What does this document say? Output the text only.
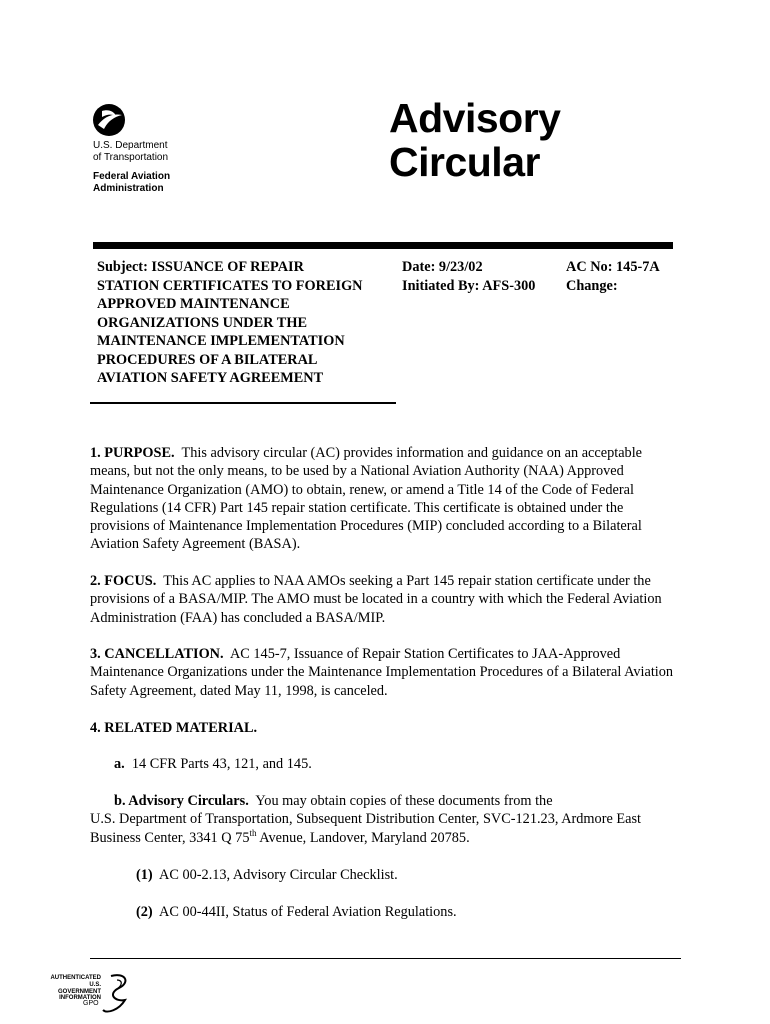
U.S. Department
of Transportation
Federal Aviation
Administration
Advisory
Circular
Subject: ISSUANCE OF REPAIR
STATION CERTIFICATES TO FOREIGN
APPROVED MAINTENANCE
ORGANIZATIONS UNDER THE
MAINTENANCE IMPLEMENTATION
PROCEDURES OF A BILATERAL
AVIATION SAFETY AGREEMENT
Date: 9/23/02
Initiated By: AFS-300
AC No: 145-7A
Change:
1. PURPOSE. This advisory circular (AC) provides information and guidance on an acceptable means, but not the only means, to be used by a National Aviation Authority (NAA) Approved Maintenance Organization (AMO) to obtain, renew, or amend a Title 14 of the Code of Federal Regulations (14 CFR) Part 145 repair station certificate. This certificate is obtained under the provisions of Maintenance Implementation Procedures (MIP) concluded according to a Bilateral Aviation Safety Agreement (BASA).
2. FOCUS. This AC applies to NAA AMOs seeking a Part 145 repair station certificate under the provisions of a BASA/MIP. The AMO must be located in a country with which the Federal Aviation Administration (FAA) has concluded a BASA/MIP.
3. CANCELLATION. AC 145-7, Issuance of Repair Station Certificates to JAA-Approved Maintenance Organizations under the Maintenance Implementation Procedures of a Bilateral Aviation Safety Agreement, dated May 11, 1998, is canceled.
4. RELATED MATERIAL.
a. 14 CFR Parts 43, 121, and 145.
b. Advisory Circulars. You may obtain copies of these documents from the
U.S. Department of Transportation, Subsequent Distribution Center, SVC-121.23, Ardmore East
Business Center, 3341 Q 75th Avenue, Landover, Maryland 20785.
(1) AC 00-2.13, Advisory Circular Checklist.
(2) AC 00-44II, Status of Federal Aviation Regulations.
AUTHENTICATED
U.S. GOVERNMENT
INFORMATION
GPO
